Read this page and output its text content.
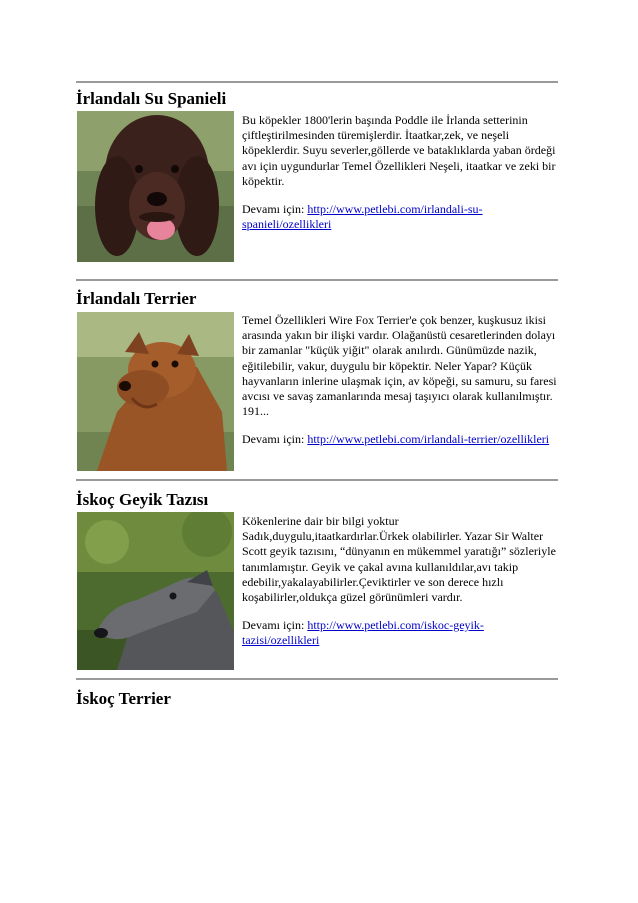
İrlandalı Su Spanieli

Bu köpekler 1800'lerin başında Poddle ile İrlanda setterinin çiftleştirilmesinden türemişlerdir. İtaatkar,zek, ve neşeli köpeklerdir. Suyu severler,göllerde ve bataklıklarda yaban ördeği avı için uygundurlar Temel Özellikleri Neşeli, itaatkar ve zeki bir köpektir.

Devamı için: http://www.petlebi.com/irlandali-su-spanieli/ozellikleri

İrlandalı Terrier

Temel Özellikleri Wire Fox Terrier'e çok benzer, kuşkusuz ikisi arasında yakın bir ilişki vardır. Olağanüstü cesaretlerinden dolayı bir zamanlar "küçük yiğit" olarak anılırdı. Günümüzde nazik, eğitilebilir, vakur, duygulu bir köpektir. Neler Yapar? Küçük hayvanların inlerine ulaşmak için, av köpeği, su samuru, su faresi avcısı ve savaş zamanlarında mesaj taşıyıcı olarak kullanılmıştır. 191...

Devamı için: http://www.petlebi.com/irlandali-terrier/ozellikleri

İskoç Geyik Tazısı

Kökenlerine dair bir bilgi yoktur Sadık,duygulu,itaatkardırlar.Ürkek olabilirler. Yazar Sir Walter Scott geyik tazısını, “dünyanın en mükemmel yaratığı” sözleriyle tanımlamıştır. Geyik ve çakal avına kullanıldılar,avı takip edebilir,yakalayabilirler.Çeviktirler ve son derece hızlı koşabilirler,oldukça güzel görünümleri vardır.

Devamı için: http://www.petlebi.com/iskoc-geyik-tazisi/ozellikleri

İskoç Terrier
